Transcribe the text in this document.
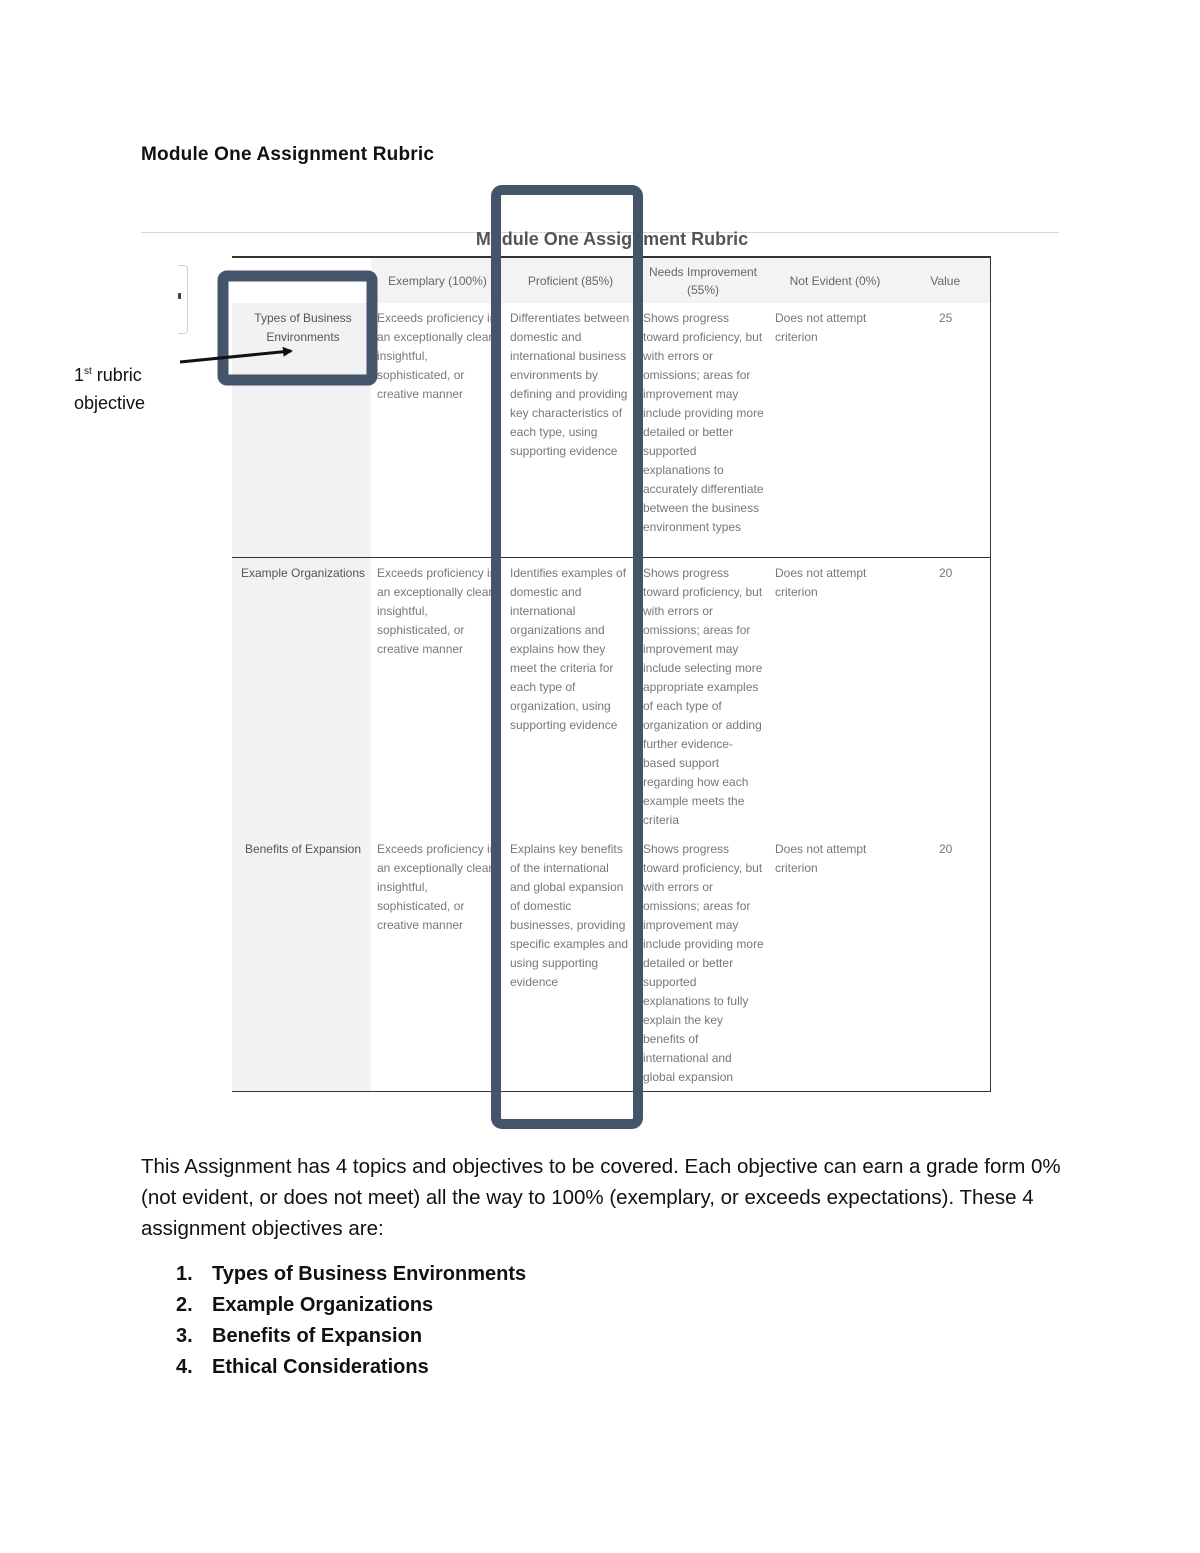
Module One Assignment Rubric
Module One Assignment Rubric
	Exemplary (100%)	Proficient (85%)	Needs Improvement (55%)	Not Evident (0%)	Value
Types of Business Environments	Exceeds proficiency in an exceptionally clear, insightful, sophisticated, or creative manner	Differentiates between domestic and international business environments by defining and providing key characteristics of each type, using supporting evidence	Shows progress toward proficiency, but with errors or omissions; areas for improvement may include providing more detailed or better supported explanations to accurately differentiate between the business environment types	Does not attempt criterion	25
Example Organizations	Exceeds proficiency in an exceptionally clear, insightful, sophisticated, or creative manner	Identifies examples of domestic and international organizations and explains how they meet the criteria for each type of organization, using supporting evidence	Shows progress toward proficiency, but with errors or omissions; areas for improvement may include selecting more appropriate examples of each type of organization or adding further evidence-based support regarding how each example meets the criteria	Does not attempt criterion	20
Benefits of Expansion	Exceeds proficiency in an exceptionally clear, insightful, sophisticated, or creative manner	Explains key benefits of the international and global expansion of domestic businesses, providing specific examples and using supporting evidence	Shows progress toward proficiency, but with errors or omissions; areas for improvement may include providing more detailed or better supported explanations to fully explain the key benefits of international and global expansion	Does not attempt criterion	20
1st rubric
objective
This Assignment has 4 topics and objectives to be covered. Each objective can earn a grade form 0% (not evident, or does not meet) all the way to 100% (exemplary, or exceeds expectations). These 4 assignment objectives are:
1. Types of Business Environments
2. Example Organizations
3. Benefits of Expansion
4. Ethical Considerations
